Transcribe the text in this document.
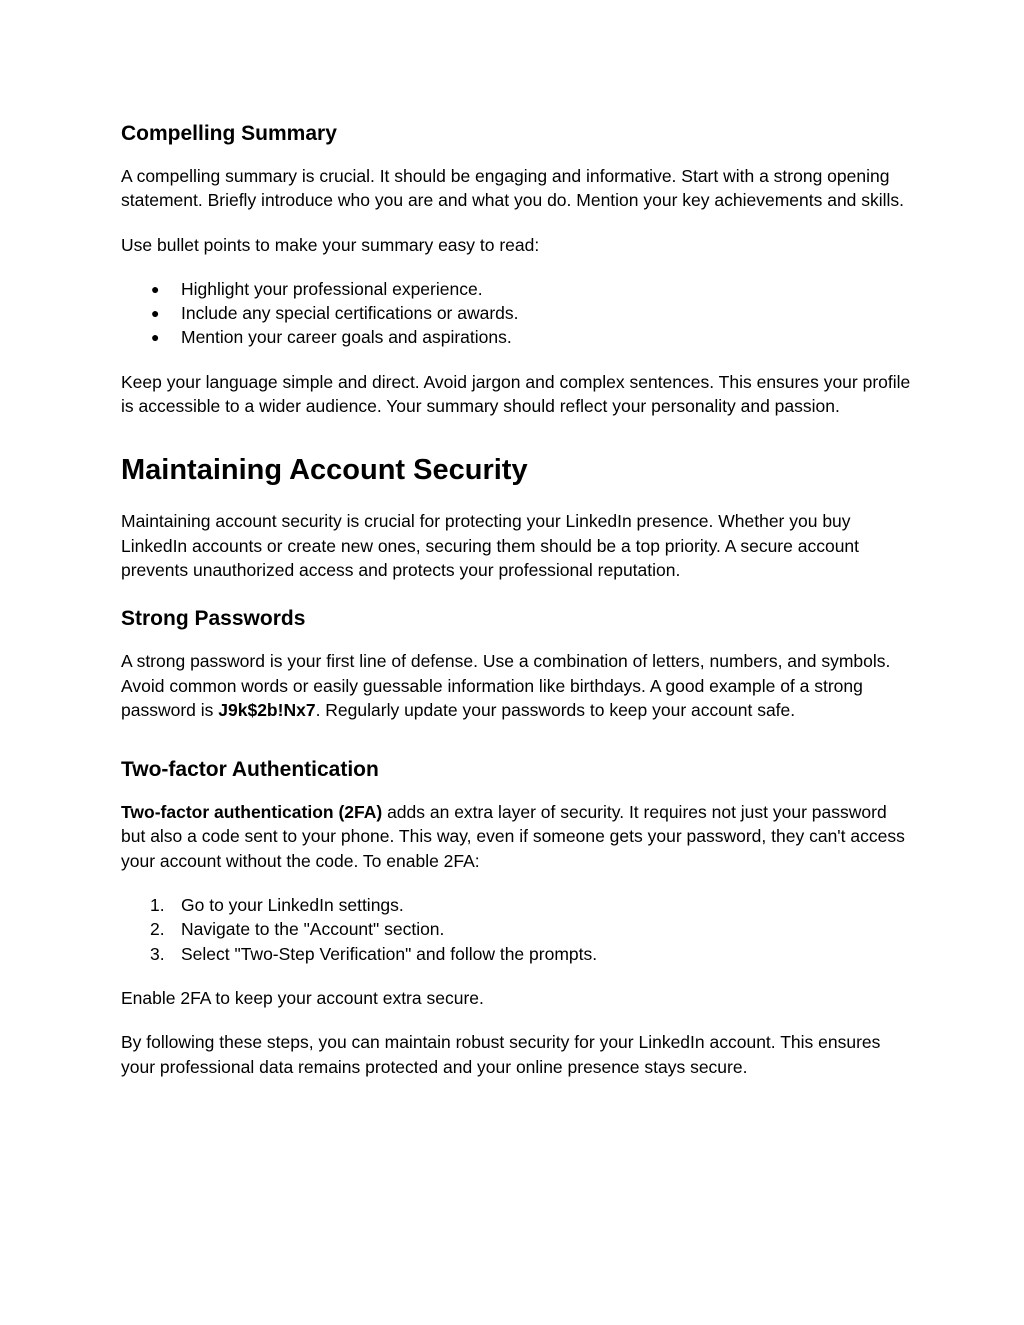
Compelling Summary

A compelling summary is crucial. It should be engaging and informative. Start with a strong opening statement. Briefly introduce who you are and what you do. Mention your key achievements and skills.

Use bullet points to make your summary easy to read:

● Highlight your professional experience.
● Include any special certifications or awards.
● Mention your career goals and aspirations.

Keep your language simple and direct. Avoid jargon and complex sentences. This ensures your profile is accessible to a wider audience. Your summary should reflect your personality and passion.

Maintaining Account Security

Maintaining account security is crucial for protecting your LinkedIn presence. Whether you buy LinkedIn accounts or create new ones, securing them should be a top priority. A secure account prevents unauthorized access and protects your professional reputation.

Strong Passwords

A strong password is your first line of defense. Use a combination of letters, numbers, and symbols. Avoid common words or easily guessable information like birthdays. A good example of a strong password is J9k$2b!Nx7. Regularly update your passwords to keep your account safe.

Two-factor Authentication

Two-factor authentication (2FA) adds an extra layer of security. It requires not just your password but also a code sent to your phone. This way, even if someone gets your password, they can't access your account without the code. To enable 2FA:

1. Go to your LinkedIn settings.
2. Navigate to the "Account" section.
3. Select "Two-Step Verification" and follow the prompts.

Enable 2FA to keep your account extra secure.

By following these steps, you can maintain robust security for your LinkedIn account. This ensures your professional data remains protected and your online presence stays secure.
